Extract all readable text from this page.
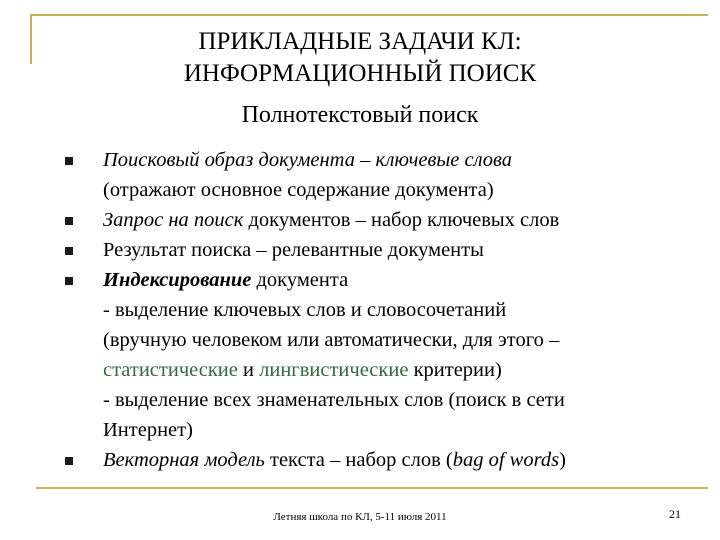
ПРИКЛАДНЫЕ ЗАДАЧИ КЛ:
ИНФОРМАЦИОННЫЙ ПОИСК
Полнотекстовый поиск
Поисковый образ документа – ключевые слова
(отражают основное содержание документа)
Запрос на поиск документов – набор ключевых слов
Результат поиска – релевантные документы
Индексирование документа
- выделение ключевых слов и словосочетаний
(вручную человеком или автоматически, для этого –
статистические и лингвистические критерии)
- выделение всех знаменательных слов (поиск в сети
Интернет)
Векторная модель текста – набор слов (bag of words)
Летняя школа по КЛ, 5-11 июля 2011	21
